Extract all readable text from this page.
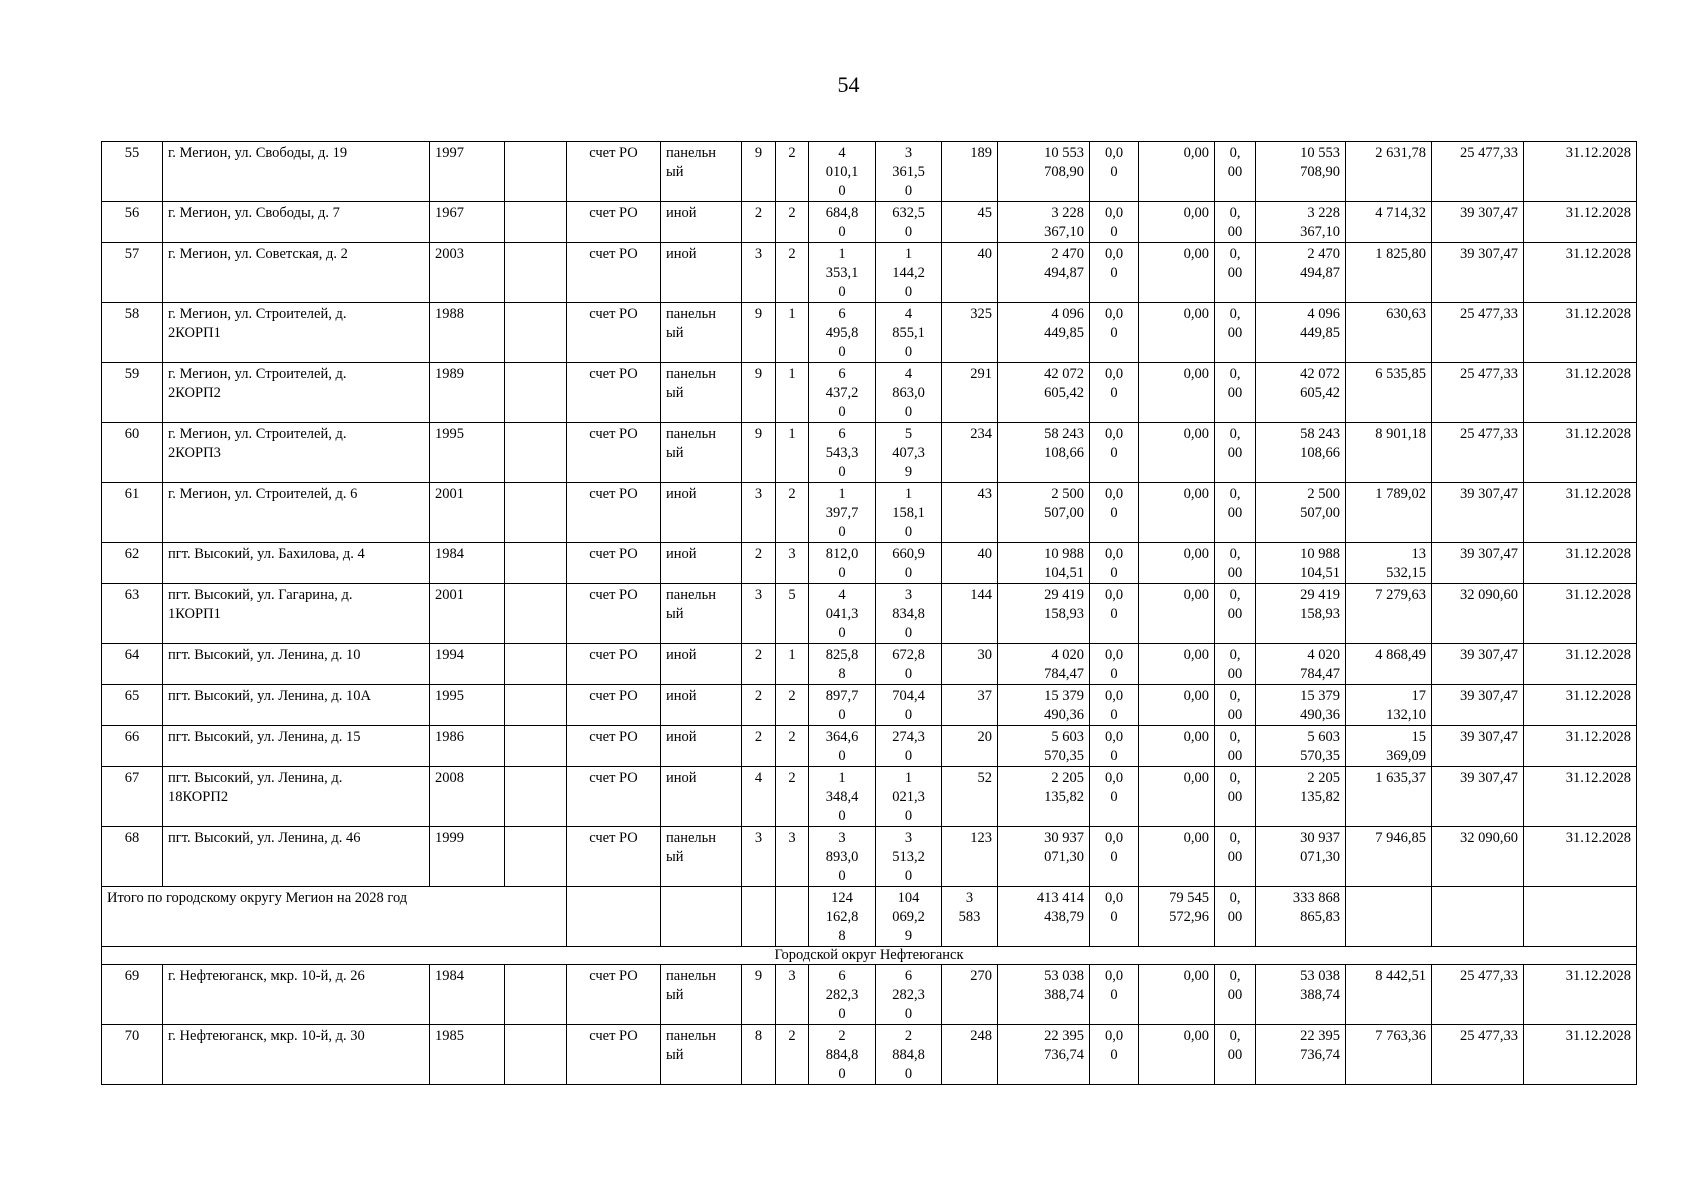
54
55	г. Мегион, ул. Свободы, д. 19	1997		счет РО	панельн
ый	9	2	4
010,1
0	3
361,5
0	189	10 553
708,90	0,0
0	0,00	0,
00	10 553
708,90	2 631,78	25 477,33	31.12.2028
56	г. Мегион, ул. Свободы, д. 7	1967		счет РО	иной	2	2	684,8
0	632,5
0	45	3 228
367,10	0,0
0	0,00	0,
00	3 228
367,10	4 714,32	39 307,47	31.12.2028
57	г. Мегион, ул. Советская, д. 2	2003		счет РО	иной	3	2	1
353,1
0	1
144,2
0	40	2 470
494,87	0,0
0	0,00	0,
00	2 470
494,87	1 825,80	39 307,47	31.12.2028
58	г. Мегион, ул. Строителей, д.
2КОРП1	1988		счет РО	панельн
ый	9	1	6
495,8
0	4
855,1
0	325	4 096
449,85	0,0
0	0,00	0,
00	4 096
449,85	630,63	25 477,33	31.12.2028
59	г. Мегион, ул. Строителей, д.
2КОРП2	1989		счет РО	панельн
ый	9	1	6
437,2
0	4
863,0
0	291	42 072
605,42	0,0
0	0,00	0,
00	42 072
605,42	6 535,85	25 477,33	31.12.2028
60	г. Мегион, ул. Строителей, д.
2КОРП3	1995		счет РО	панельн
ый	9	1	6
543,3
0	5
407,3
9	234	58 243
108,66	0,0
0	0,00	0,
00	58 243
108,66	8 901,18	25 477,33	31.12.2028
61	г. Мегион, ул. Строителей, д. 6	2001		счет РО	иной	3	2	1
397,7
0	1
158,1
0	43	2 500
507,00	0,0
0	0,00	0,
00	2 500
507,00	1 789,02	39 307,47	31.12.2028
62	пгт. Высокий, ул. Бахилова, д. 4	1984		счет РО	иной	2	3	812,0
0	660,9
0	40	10 988
104,51	0,0
0	0,00	0,
00	10 988
104,51	13
532,15	39 307,47	31.12.2028
63	пгт. Высокий, ул. Гагарина, д.
1КОРП1	2001		счет РО	панельн
ый	3	5	4
041,3
0	3
834,8
0	144	29 419
158,93	0,0
0	0,00	0,
00	29 419
158,93	7 279,63	32 090,60	31.12.2028
64	пгт. Высокий, ул. Ленина, д. 10	1994		счет РО	иной	2	1	825,8
8	672,8
0	30	4 020
784,47	0,0
0	0,00	0,
00	4 020
784,47	4 868,49	39 307,47	31.12.2028
65	пгт. Высокий, ул. Ленина, д. 10А	1995		счет РО	иной	2	2	897,7
0	704,4
0	37	15 379
490,36	0,0
0	0,00	0,
00	15 379
490,36	17
132,10	39 307,47	31.12.2028
66	пгт. Высокий, ул. Ленина, д. 15	1986		счет РО	иной	2	2	364,6
0	274,3
0	20	5 603
570,35	0,0
0	0,00	0,
00	5 603
570,35	15
369,09	39 307,47	31.12.2028
67	пгт. Высокий, ул. Ленина, д.
18КОРП2	2008		счет РО	иной	4	2	1
348,4
0	1
021,3
0	52	2 205
135,82	0,0
0	0,00	0,
00	2 205
135,82	1 635,37	39 307,47	31.12.2028
68	пгт. Высокий, ул. Ленина, д. 46	1999		счет РО	панельн
ый	3	3	3
893,0
0	3
513,2
0	123	30 937
071,30	0,0
0	0,00	0,
00	30 937
071,30	7 946,85	32 090,60	31.12.2028
Итого по городскому округу Мегион на 2028 год								124
162,8
8	104
069,2
9	3
583	413 414
438,79	0,0
0	79 545
572,96	0,
00	333 868
865,83			
Городской округ Нефтеюганск																		
69	г. Нефтеюганск, мкр. 10-й, д. 26	1984		счет РО	панельн
ый	9	3	6
282,3
0	6
282,3
0	270	53 038
388,74	0,0
0	0,00	0,
00	53 038
388,74	8 442,51	25 477,33	31.12.2028
70	г. Нефтеюганск, мкр. 10-й, д. 30	1985		счет РО	панельн
ый	8	2	2
884,8
0	2
884,8
0	248	22 395
736,74	0,0
0	0,00	0,
00	22 395
736,74	7 763,36	25 477,33	31.12.2028
